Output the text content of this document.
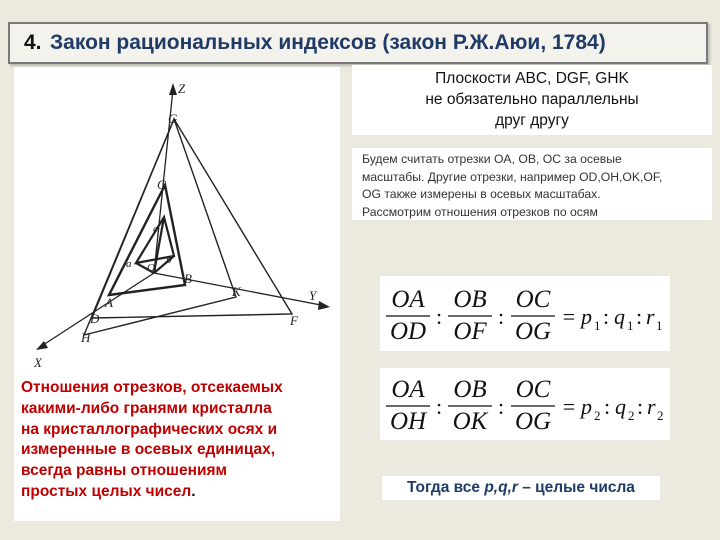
4. Закон рациональных индексов (закон Р.Ж.Аюи, 1784)
Z
G
C
c
O
a	b
A
B
K
D
H
F
Y
X
Плоскости ABC, DGF, GHK
не обязательно параллельны
друг другу
Будем считать отрезки OA, OB, OC за осевые
масштабы. Другие отрезки, например OD,OH,OK,OF,
OG также измерены в осевых масштабах.
Рассмотрим отношения отрезков по осям
OA
OD
OB
OF
OC
OG
:	:	= p 1 : q 1 : r 1
OA
OH
OB
OK
OC
OG
:	:	= p 2 : q 2 : r 2
Отношения отрезков, отсекаемых
какими-либо гранями кристалла
на кристаллографических осях и
измеренные в осевых единицах,
всегда равны отношениям
простых целых чисел.	Тогда все p,q,r – целые числа
